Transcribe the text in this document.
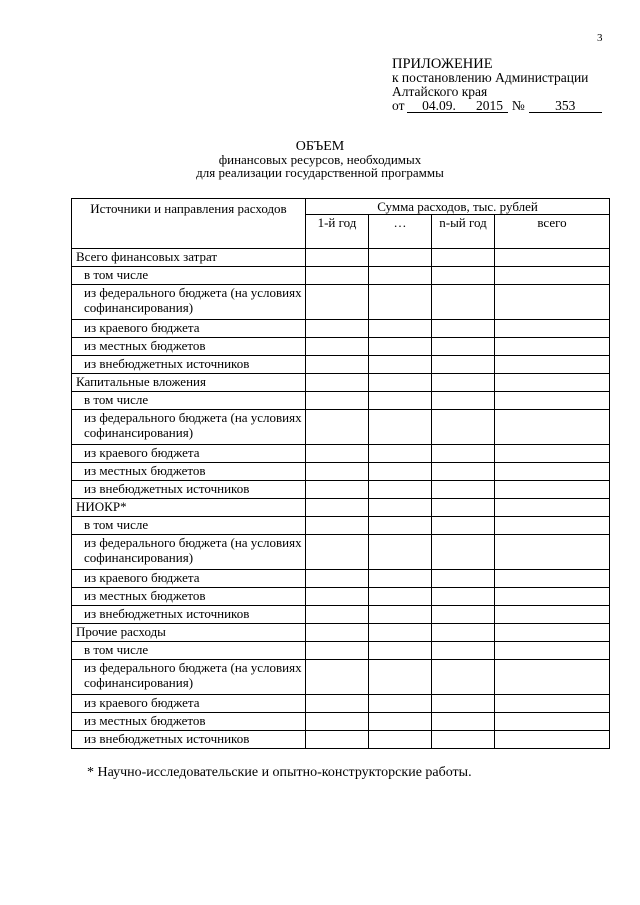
3
ПРИЛОЖЕНИЕ
к постановлению Администрации
Алтайского края
от 04.09. 2015 № 353
ОБЪЕМ
финансовых ресурсов, необходимых
для реализации государственной программы
Источники и направления расходов	Сумма расходов, тыс. рублей			
	1-й год	…	n-ый год	всего
Всего финансовых затрат				
в том числе				
из федерального бюджета (на условиях софинансирования)				
из краевого бюджета				
из местных бюджетов				
из внебюджетных источников				
Капитальные вложения				
в том числе				
из федерального бюджета (на условиях софинансирования)				
из краевого бюджета				
из местных бюджетов				
из внебюджетных источников				
НИОКР*				
в том числе				
из федерального бюджета (на условиях софинансирования)				
из краевого бюджета				
из местных бюджетов				
из внебюджетных источников				
Прочие расходы				
в том числе				
из федерального бюджета (на условиях софинансирования)				
из краевого бюджета				
из местных бюджетов				
из внебюджетных источников				
* Научно-исследовательские и опытно-конструкторские работы.
